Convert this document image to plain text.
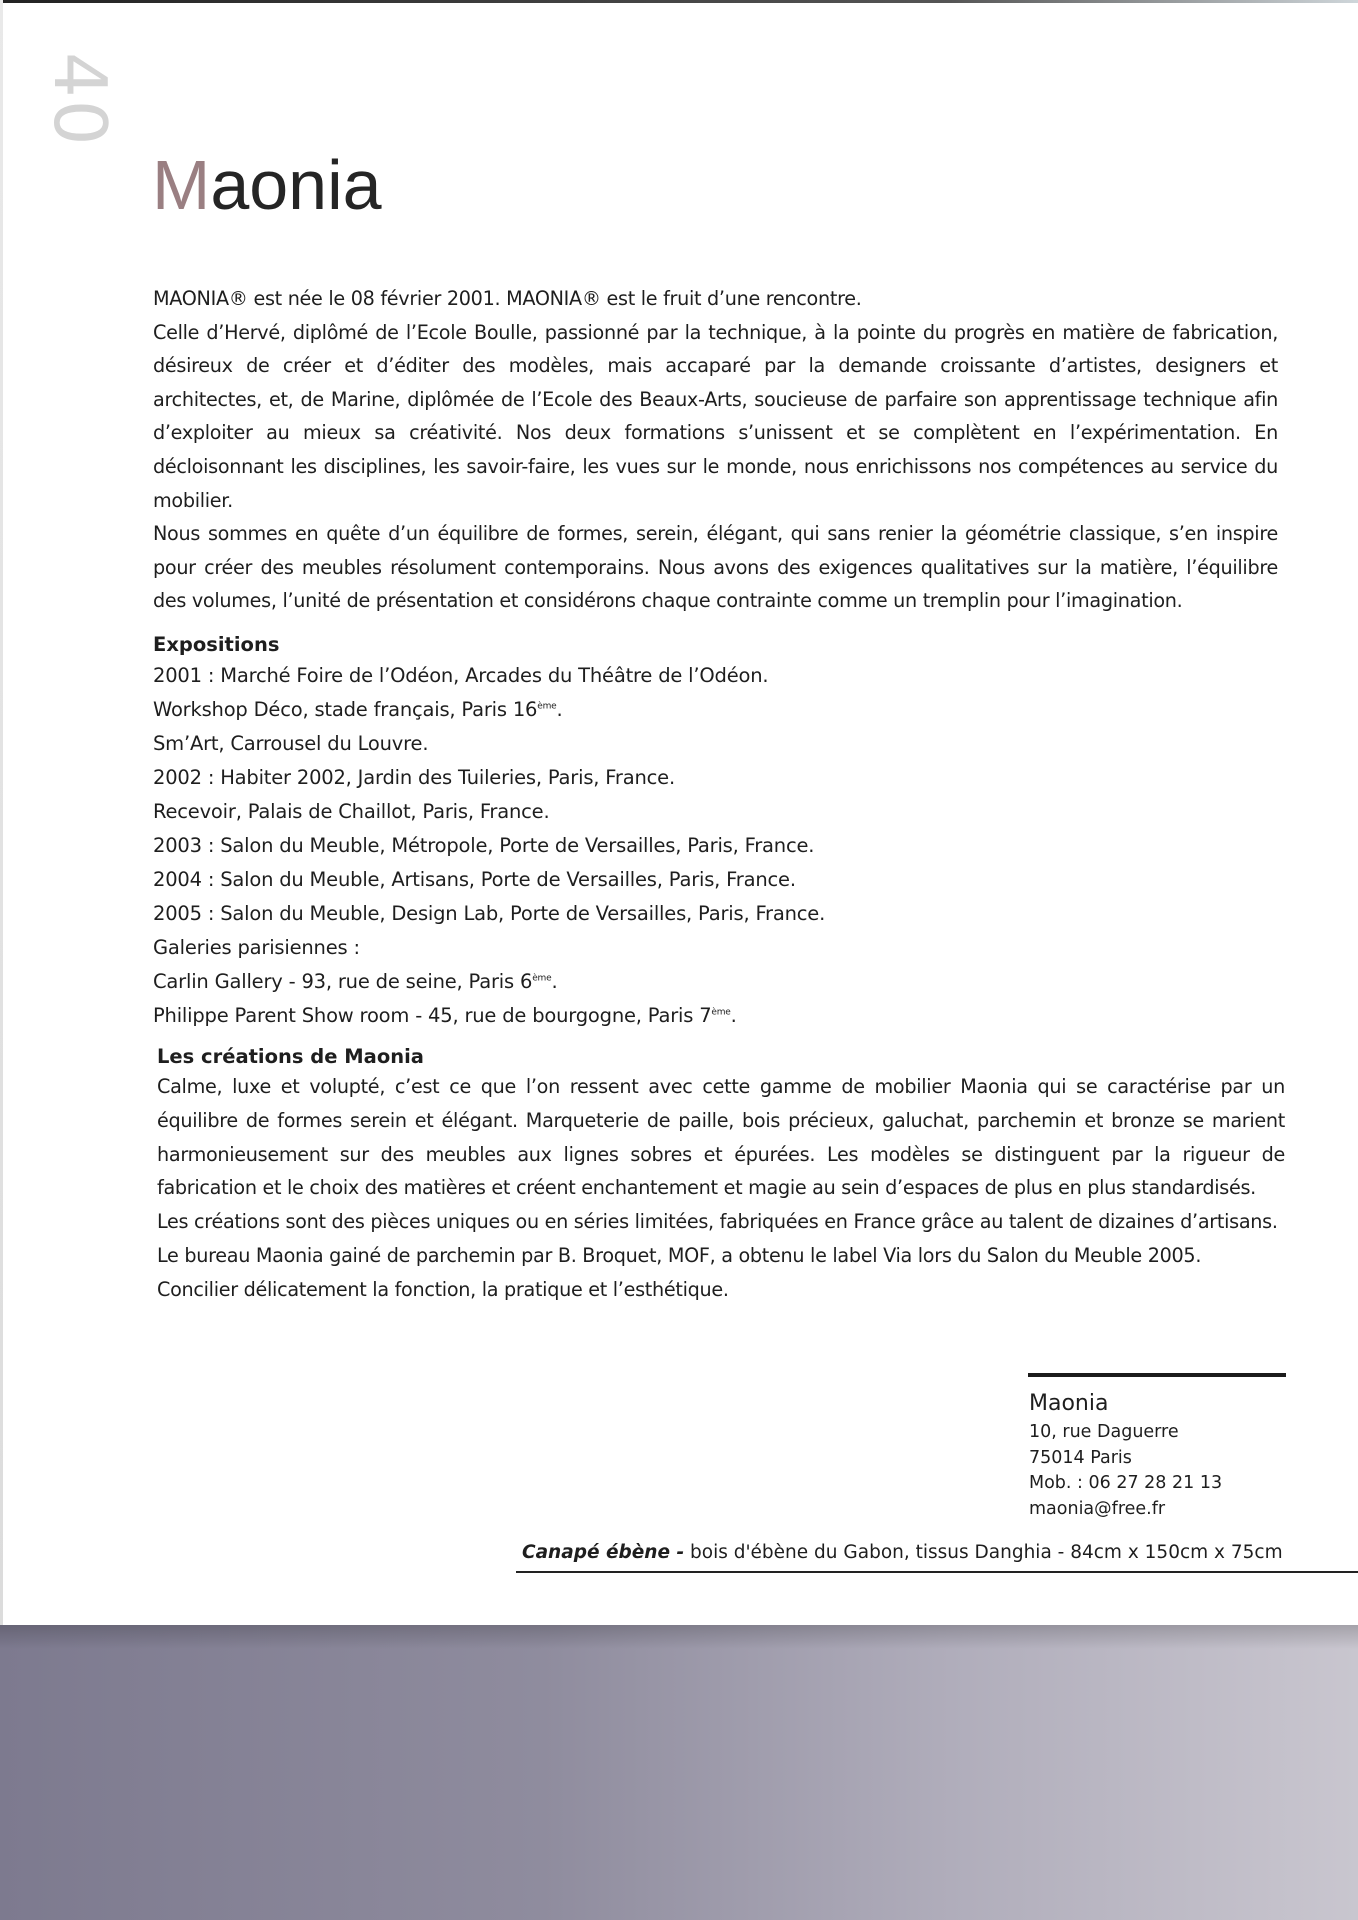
40
Maonia

MAONIA® est née le 08 février 2001. MAONIA® est le fruit d’une rencontre.

Celle d’Hervé, diplômé de l’Ecole Boulle, passionné par la technique, à la pointe du progrès en matière de fabrication, désireux de créer et d’éditer des modèles, mais accaparé par la demande croissante d’artistes, designers et architectes, et, de Marine, diplômée de l’Ecole des Beaux-Arts, soucieuse de parfaire son apprentissage technique afin d’exploiter au mieux sa créativité. Nos deux formations s’unissent et se complètent en l’expérimentation. En décloisonnant les disciplines, les savoir-faire, les vues sur le monde, nous enrichissons nos compétences au service du mobilier.

Nous sommes en quête d’un équilibre de formes, serein, élégant, qui sans renier la géométrie classique, s’en inspire pour créer des meubles résolument contemporains. Nous avons des exigences qualitatives sur la matière, l’équilibre des volumes, l’unité de présentation et considérons chaque contrainte comme un tremplin pour l’imagination.

Expositions
2001 : Marché Foire de l’Odéon, Arcades du Théâtre de l’Odéon.
Workshop Déco, stade français, Paris 16ème.
Sm’Art, Carrousel du Louvre.
2002 : Habiter 2002, Jardin des Tuileries, Paris, France.
Recevoir, Palais de Chaillot, Paris, France.
2003 : Salon du Meuble, Métropole, Porte de Versailles, Paris, France.
2004 : Salon du Meuble, Artisans, Porte de Versailles, Paris, France.
2005 : Salon du Meuble, Design Lab, Porte de Versailles, Paris, France.
Galeries parisiennes :
Carlin Gallery - 93, rue de seine, Paris 6ème.
Philippe Parent Show room - 45, rue de bourgogne, Paris 7ème.
Les créations de Maonia

Calme, luxe et volupté, c’est ce que l’on ressent avec cette gamme de mobilier Maonia qui se caractérise par un équilibre de formes serein et élégant. Marqueterie de paille, bois précieux, galuchat, parchemin et bronze se marient harmonieusement sur des meubles aux lignes sobres et épurées. Les modèles se distinguent par la rigueur de fabrication et le choix des matières et créent enchantement et magie au sein d’espaces de plus en plus standardisés.

Les créations sont des pièces uniques ou en séries limitées, fabriquées en France grâce au talent de dizaines d’artisans.

Le bureau Maonia gainé de parchemin par B. Broquet, MOF, a obtenu le label Via lors du Salon du Meuble 2005.

Concilier délicatement la fonction, la pratique et l’esthétique.

Maonia
10, rue Daguerre
75014 Paris
Mob. : 06 27 28 21 13
maonia@free.fr
Canapé ébène - bois d'ébène du Gabon, tissus Danghia - 84cm x 150cm x 75cm
